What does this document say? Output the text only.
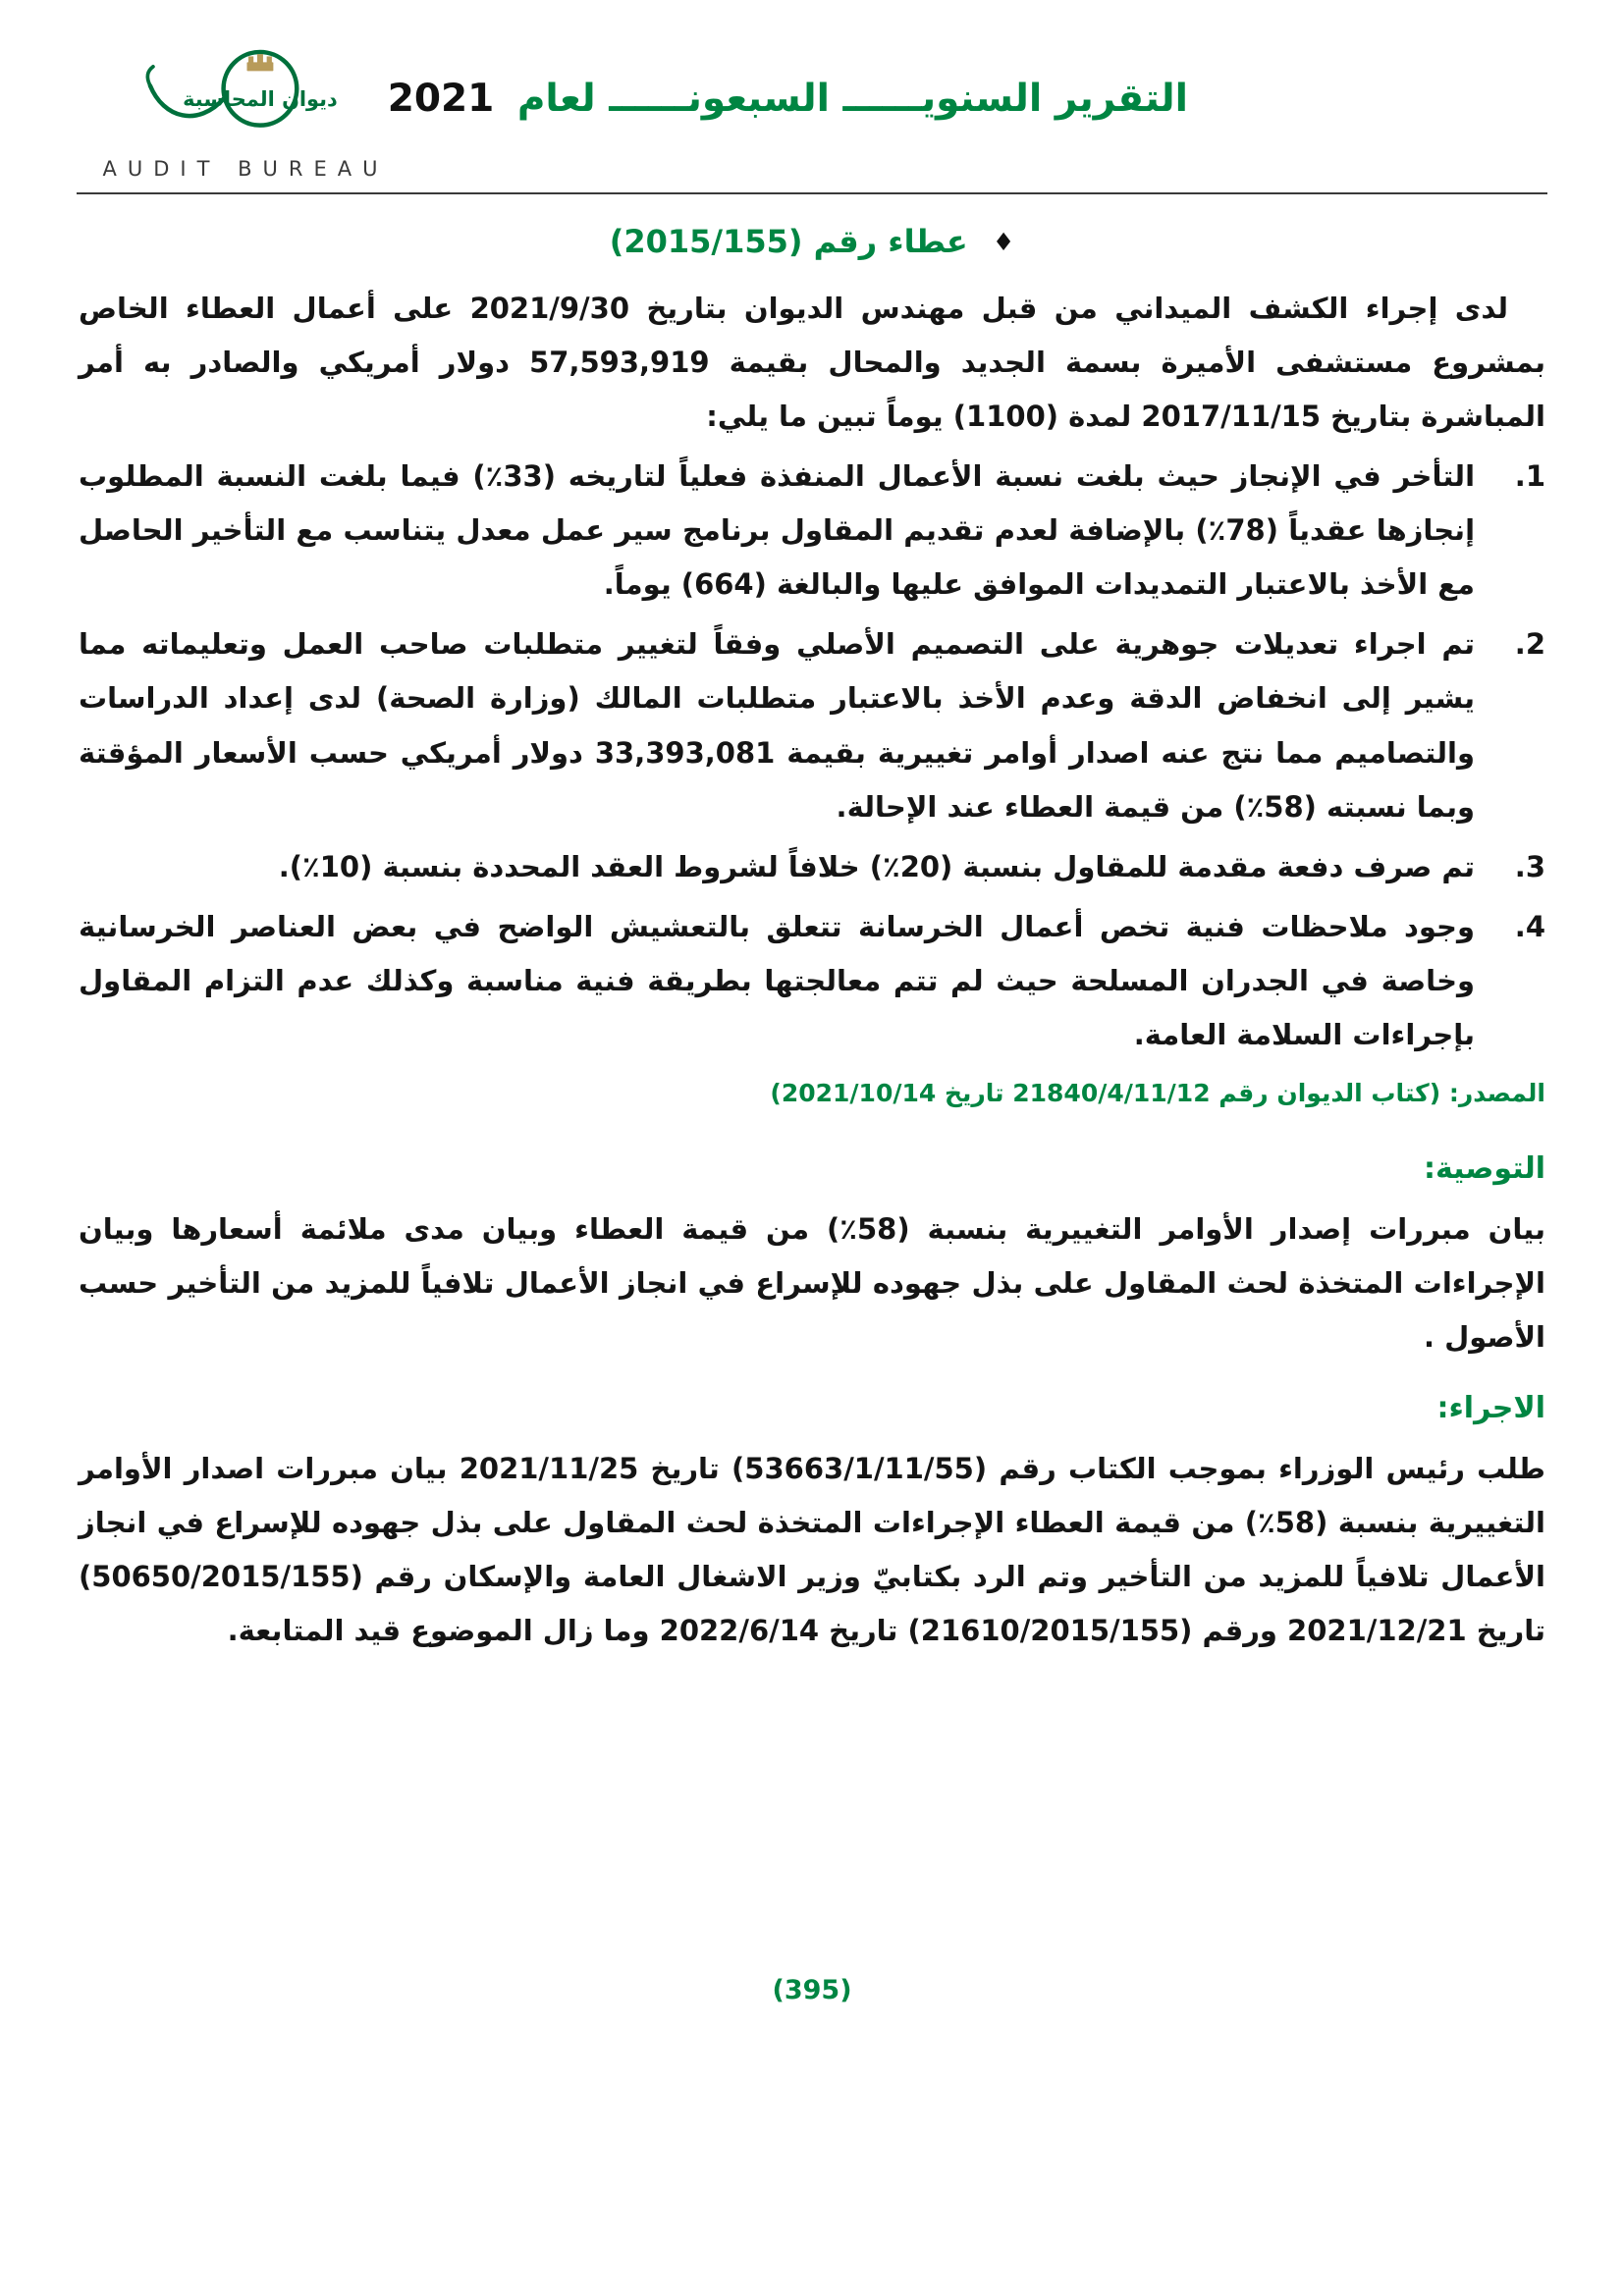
ديوان المحاسبة
AUDIT BUREAU
التقرير السنويــــــ السبعونــــــ لعام 2021
♦ عطاء رقم (2015/155)

لدى إجراء الكشف الميداني من قبل مهندس الديوان بتاريخ 2021/9/30 على أعمال العطاء الخاص بمشروع مستشفى الأميرة بسمة الجديد والمحال بقيمة 57,593,919 دولار أمريكي والصادر به أمر المباشرة بتاريخ 2017/11/15 لمدة (1100) يوماً تبين ما يلي:

1.
التأخر في الإنجاز حيث بلغت نسبة الأعمال المنفذة فعلياً لتاريخه (33٪) فيما بلغت النسبة المطلوب إنجازها عقدياً (78٪) بالإضافة لعدم تقديم المقاول برنامج سير عمل معدل يتناسب مع التأخير الحاصل مع الأخذ بالاعتبار التمديدات الموافق عليها والبالغة (664) يوماً.
2.
تم اجراء تعديلات جوهرية على التصميم الأصلي وفقاً لتغيير متطلبات صاحب العمل وتعليماته مما يشير إلى انخفاض الدقة وعدم الأخذ بالاعتبار متطلبات المالك (وزارة الصحة) لدى إعداد الدراسات والتصاميم مما نتج عنه اصدار أوامر تغييرية بقيمة 33,393,081 دولار أمريكي حسب الأسعار المؤقتة وبما نسبته (58٪) من قيمة العطاء عند الإحالة.
3.
تم صرف دفعة مقدمة للمقاول بنسبة (20٪) خلافاً لشروط العقد المحددة بنسبة (10٪).
4.
وجود ملاحظات فنية تخص أعمال الخرسانة تتعلق بالتعشيش الواضح في بعض العناصر الخرسانية وخاصة في الجدران المسلحة حيث لم تتم معالجتها بطريقة فنية مناسبة وكذلك عدم التزام المقاول بإجراءات السلامة العامة.
المصدر: (كتاب الديوان رقم 21840/4/11/12 تاريخ 2021/10/14)
التوصية:

بيان مبررات إصدار الأوامر التغييرية بنسبة (58٪) من قيمة العطاء وبيان مدى ملائمة أسعارها وبيان الإجراءات المتخذة لحث المقاول على بذل جهوده للإسراع في انجاز الأعمال تلافياً للمزيد من التأخير حسب الأصول .

الاجراء:

طلب رئيس الوزراء بموجب الكتاب رقم (53663/1/11/55) تاريخ 2021/11/25 بيان مبررات اصدار الأوامر التغييرية بنسبة (58٪) من قيمة العطاء الإجراءات المتخذة لحث المقاول على بذل جهوده للإسراع في انجاز الأعمال تلافياً للمزيد من التأخير وتم الرد بكتابيّ وزير الاشغال العامة والإسكان رقم (50650/2015/155) تاريخ 2021/12/21 ورقم (21610/2015/155) تاريخ 2022/6/14 وما زال الموضوع قيد المتابعة.

(395)
